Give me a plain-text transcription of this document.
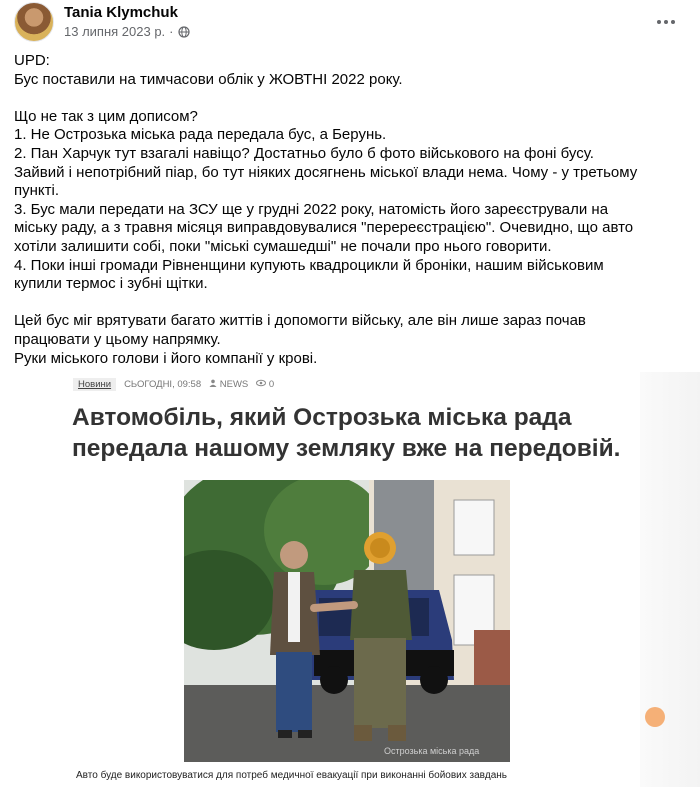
Tania Klymchuk
13 липня 2023 р. ·

UPD:
Бус поставили на тимчасови облік у ЖОВТНІ 2022 року.

Що не так з цим дописом?
1. Не Острозька міська рада передала бус, а Берунь.
2. Пан Харчук тут взагалі навіщо? Достатньо було б фото військового на фоні бусу.
Зайвий і непотрібний піар, бо тут ніяких досягнень міської влади нема. Чому - у третьому
пункті.
3. Бус мали передати на ЗСУ ще у грудні 2022 року, натомість його зареєстрували на
міську раду, а з травня місяця виправдовувалися "перереєстрацією". Очевидно, що авто
хотіли залишити собі, поки "міські сумашедші" не почали про нього говорити.
4. Поки інші громади Рівненщини купують квадроцикли й броніки, нашим військовим
купили термос і зубні щітки.

Цей бус міг врятувати багато життів і допомогти війську, але він лише зараз почав
працювати у цьому напрямку.
Руки міського голови і його компанії у крові.

Новини	СЬОГОДНІ, 09:58	NEWS	0
Автомобіль, який Острозька міська рада
передала нашому земляку вже на передовій.
Острозька міська рада
Авто буде використовуватися для потреб медичної евакуації при виконанні бойових завдань
